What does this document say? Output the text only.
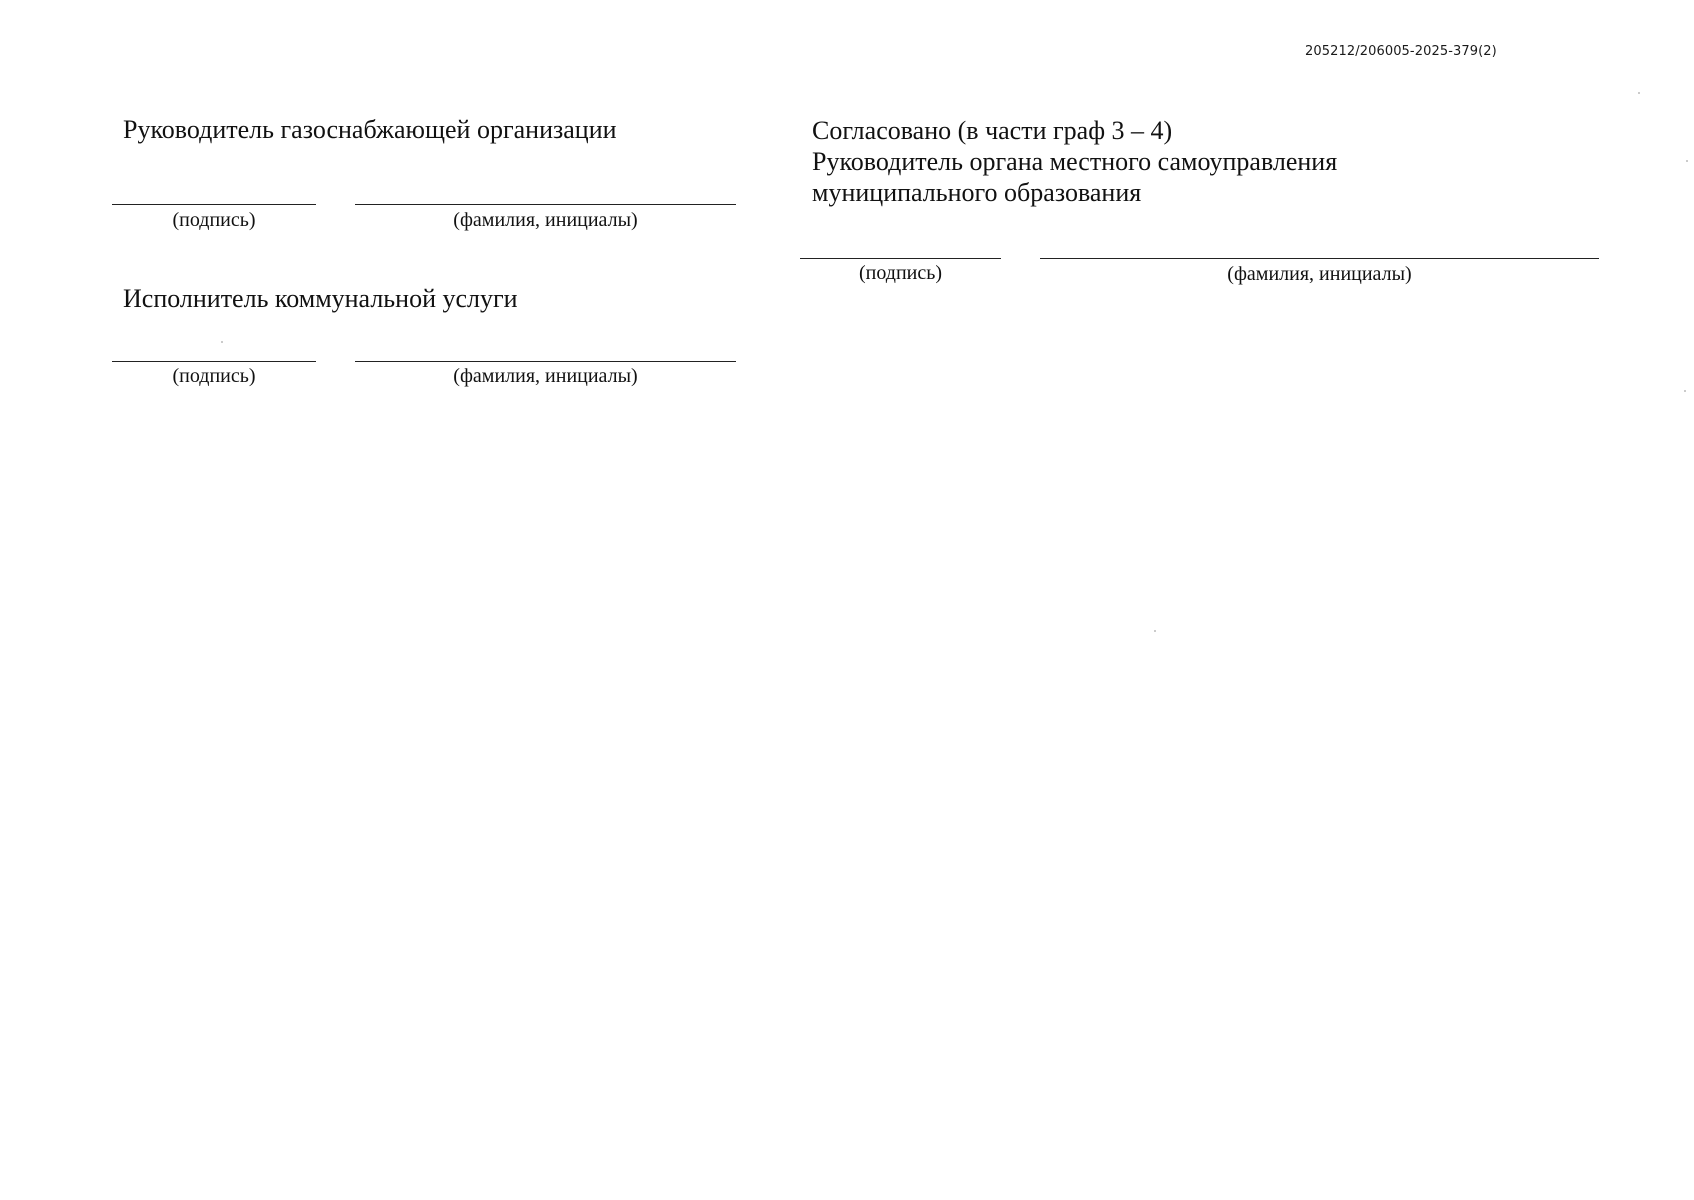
205212/206005-2025-379(2)
Руководитель газоснабжающей организации
(подпись)	(фамилия, инициалы)
Исполнитель коммунальной услуги
(подпись)	(фамилия, инициалы)
Согласовано (в части граф 3 – 4)
Руководитель органа местного самоуправления
муниципального образования
(подпись)	(фамилия, инициалы)
